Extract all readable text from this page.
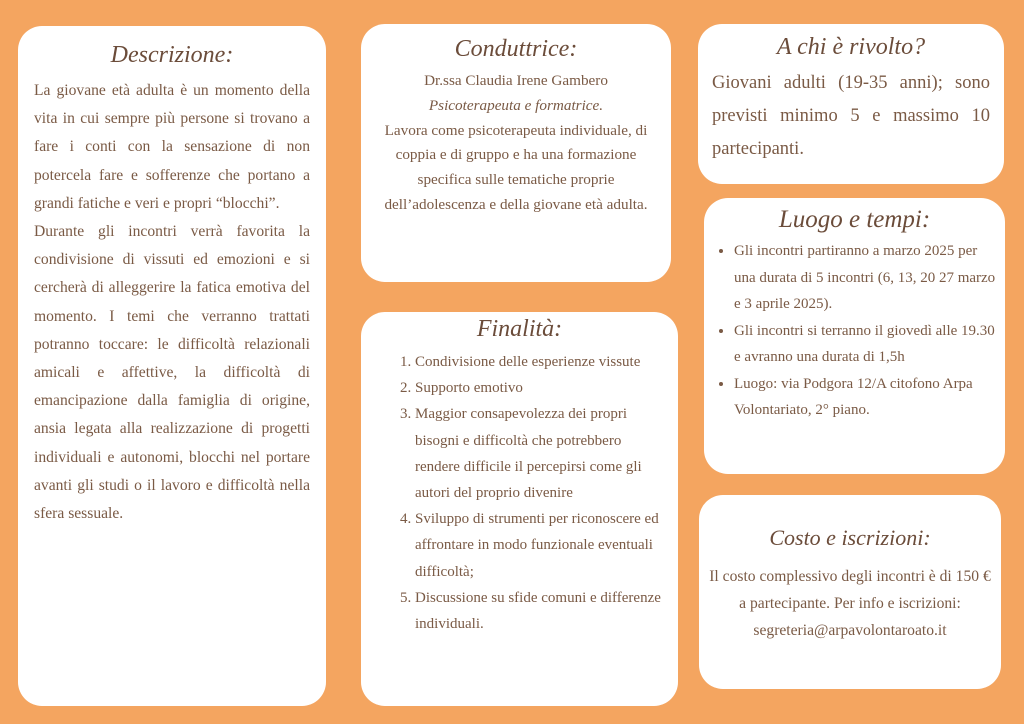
Descrizione:

La giovane età adulta è un momento della vita in cui sempre più persone si trovano a fare i conti con la sensazione di non potercela fare e sofferenze che portano a grandi fatiche e veri e propri “blocchi”.

Durante gli incontri verrà favorita la condivisione di vissuti ed emozioni e si cercherà di alleggerire la fatica emotiva del momento. I temi che verranno trattati potranno toccare: le difficoltà relazionali amicali e affettive, la difficoltà di emancipazione dalla famiglia di origine, ansia legata alla realizzazione di progetti individuali e autonomi, blocchi nel portare avanti gli studi o il lavoro e difficoltà nella sfera sessuale.

Conduttrice:
Dr.ssa Claudia Irene Gambero
Psicoterapeuta e formatrice.
Lavora come psicoterapeuta individuale, di coppia e di gruppo e ha una formazione specifica sulle tematiche proprie dell’adolescenza e della giovane età adulta.
Finalità:
1. Condivisione delle esperienze vissute
2. Supporto emotivo
3. Maggior consapevolezza dei propri bisogni e difficoltà che potrebbero rendere difficile il percepirsi come gli autori del proprio divenire
4. Sviluppo di strumenti per riconoscere ed affrontare in modo funzionale eventuali difficoltà;
5. Discussione su sfide comuni e differenze individuali.
A chi è rivolto?

Giovani adulti (19-35 anni); sono previsti minimo 5 e massimo 10 partecipanti.

Luogo e tempi:
• Gli incontri partiranno a marzo 2025 per una durata di 5 incontri (6, 13, 20 27 marzo e 3 aprile 2025).
• Gli incontri si terranno il giovedì alle 19.30 e avranno una durata di 1,5h
• Luogo: via Podgora 12/A citofono Arpa Volontariato, 2° piano.
Costo e iscrizioni:

Il costo complessivo degli incontri è di 150 € a partecipante. Per info e iscrizioni:

segreteria@arpavolontaroato.it
